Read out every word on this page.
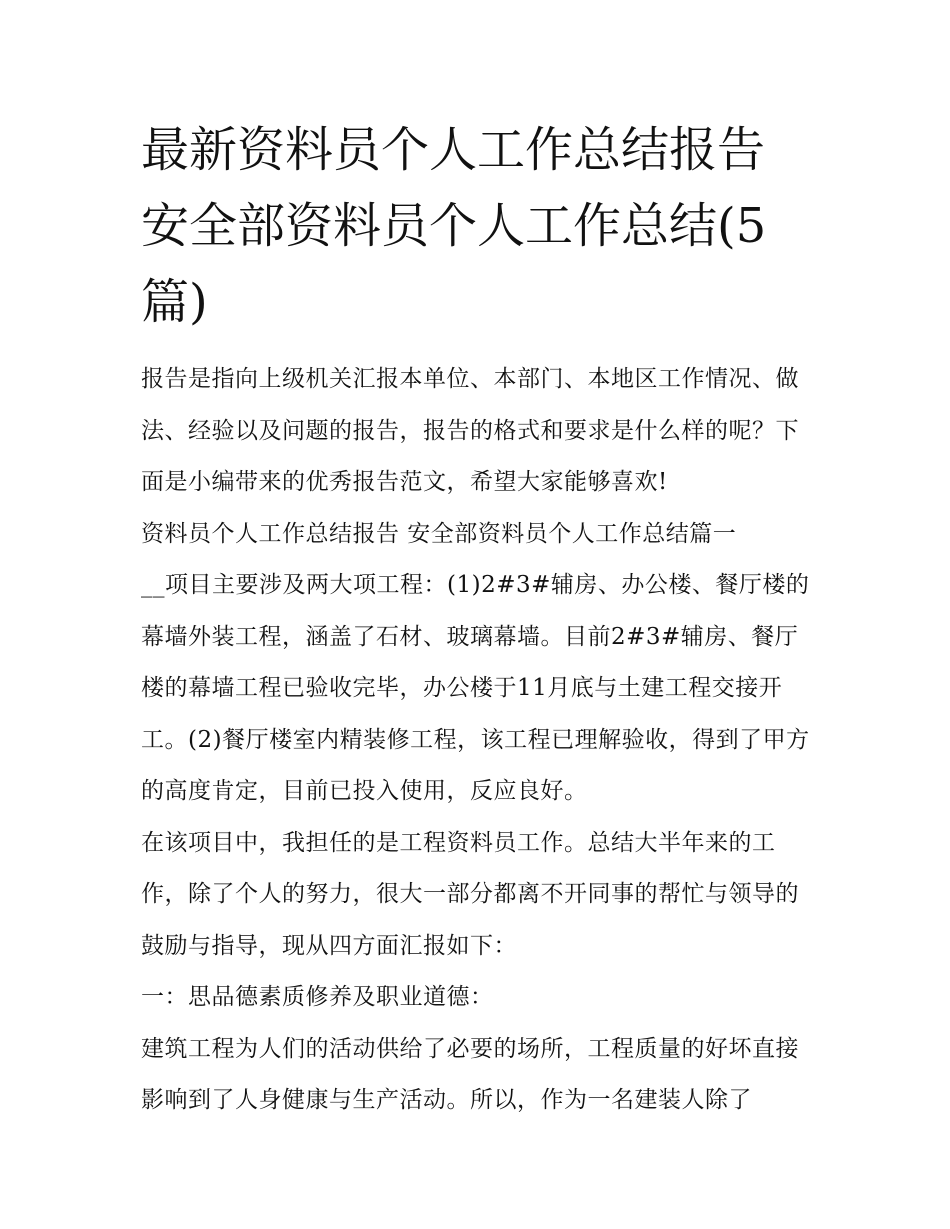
最新资料员个人工作总结报告 安全部资料员个人工作总结(5篇)

报告是指向上级机关汇报本单位、本部门、本地区工作情况、做法、经验以及问题的报告，报告的格式和要求是什么样的呢？下面是小编带来的优秀报告范文，希望大家能够喜欢!

资料员个人工作总结报告 安全部资料员个人工作总结篇一

__项目主要涉及两大项工程：(1)2#3#辅房、办公楼、餐厅楼的幕墙外装工程，涵盖了石材、玻璃幕墙。目前2#3#辅房、餐厅楼的幕墙工程已验收完毕，办公楼于11月底与土建工程交接开工。(2)餐厅楼室内精装修工程，该工程已理解验收，得到了甲方的高度肯定，目前已投入使用，反应良好。

在该项目中，我担任的是工程资料员工作。总结大半年来的工作，除了个人的努力，很大一部分都离不开同事的帮忙与领导的鼓励与指导，现从四方面汇报如下：

一：思品德素质修养及职业道德：

建筑工程为人们的活动供给了必要的场所，工程质量的好坏直接影响到了人身健康与生产活动。所以，作为一名建装人除了
